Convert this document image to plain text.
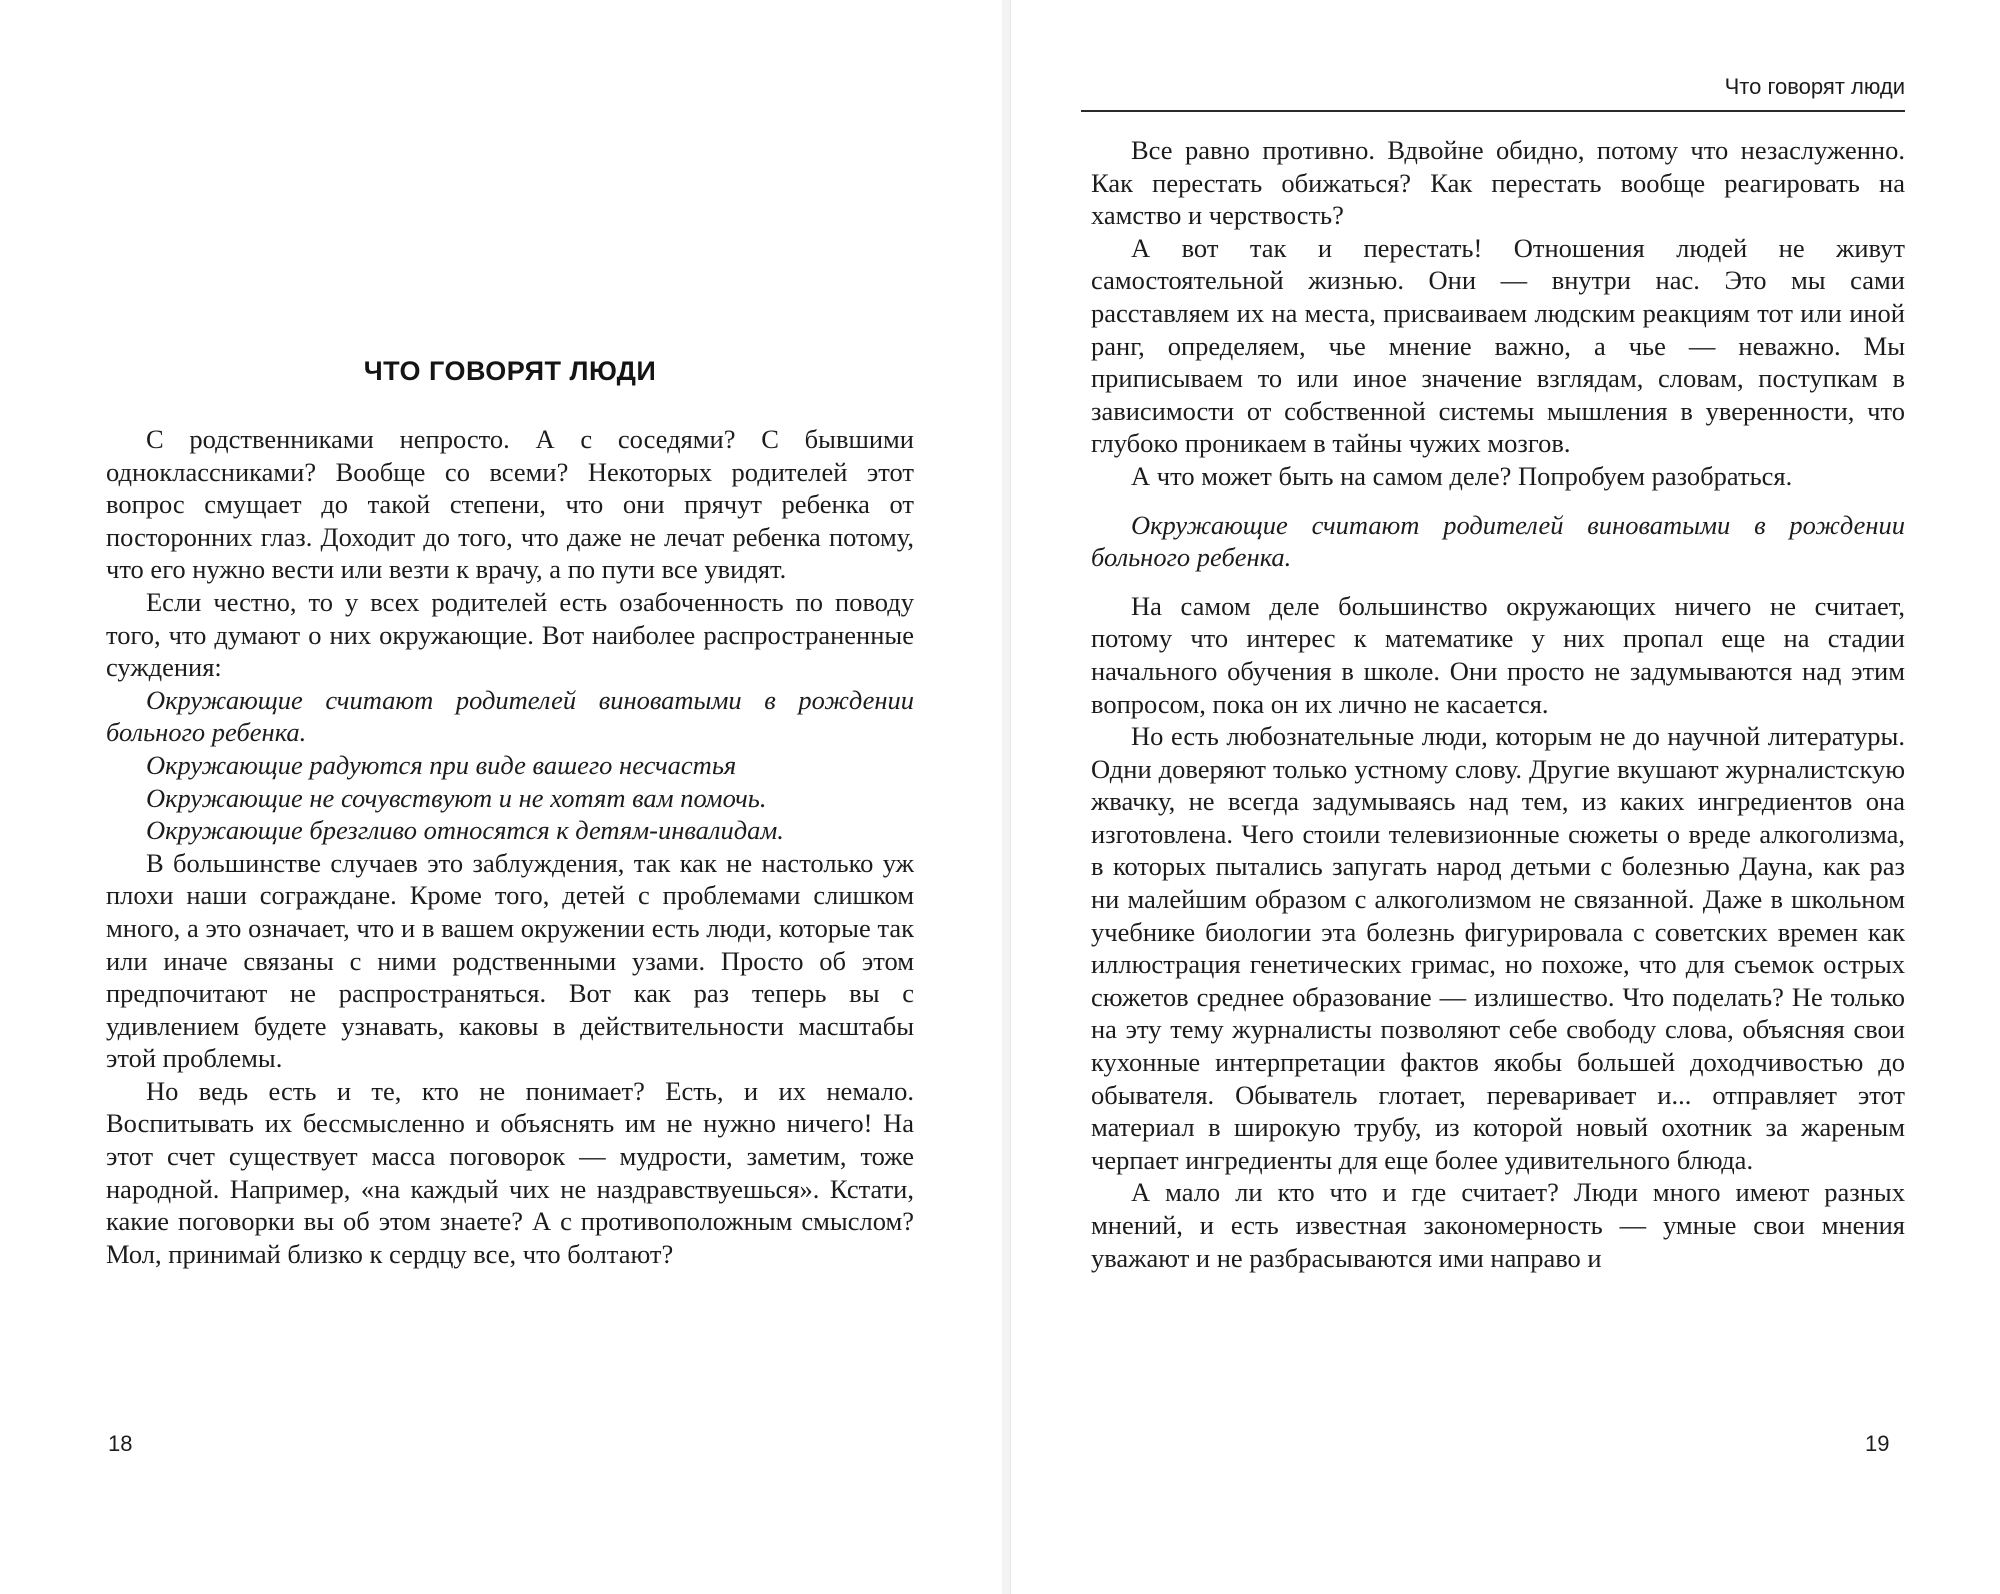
ЧТО ГОВОРЯТ ЛЮДИ

С родственниками непросто. А с соседями? С бывшими одноклассниками? Вообще со всеми? Некоторых родителей этот вопрос смущает до такой степени, что они прячут ребенка от посторонних глаз. Доходит до того, что даже не лечат ребенка потому, что его нужно вести или везти к врачу, а по пути все увидят.

Если честно, то у всех родителей есть озабоченность по поводу того, что думают о них окружающие. Вот наиболее распространенные суждения:

Окружающие считают родителей виноватыми в рождении больного ребенка.

Окружающие радуются при виде вашего несчастья

Окружающие не сочувствуют и не хотят вам помочь.

Окружающие брезгливо относятся к детям-инвалидам.

В большинстве случаев это заблуждения, так как не настолько уж плохи наши сограждане. Кроме того, детей с проблемами слишком много, а это означает, что и в вашем окружении есть люди, которые так или иначе связаны с ними родственными узами. Просто об этом предпочитают не распространяться. Вот как раз теперь вы с удивлением будете узнавать, каковы в действительности масштабы этой проблемы.

Но ведь есть и те, кто не понимает? Есть, и их немало. Воспитывать их бессмысленно и объяснять им не нужно ничего! На этот счет существует масса поговорок — мудрости, заметим, тоже народной. Например, «на каждый чих не наздравствуешься». Кстати, какие поговорки вы об этом знаете? А с противоположным смыслом? Мол, принимай близко к сердцу все, что болтают?

18
Что говорят люди

Все равно противно. Вдвойне обидно, потому что незаслуженно. Как перестать обижаться? Как перестать вообще реагировать на хамство и черствость?

А вот так и перестать! Отношения людей не живут самостоятельной жизнью. Они — внутри нас. Это мы сами расставляем их на места, присваиваем людским реакциям тот или иной ранг, определяем, чье мнение важно, а чье — неважно. Мы приписываем то или иное значение взглядам, словам, поступкам в зависимости от собственной системы мышления в уверенности, что глубоко проникаем в тайны чужих мозгов.

А что может быть на самом деле? Попробуем разобраться.

Окружающие считают родителей виноватыми в рождении больного ребенка.

На самом деле большинство окружающих ничего не считает, потому что интерес к математике у них пропал еще на стадии начального обучения в школе. Они просто не задумываются над этим вопросом, пока он их лично не касается.

Но есть любознательные люди, которым не до научной литературы. Одни доверяют только устному слову. Другие вкушают журналистскую жвачку, не всегда задумываясь над тем, из каких ингредиентов она изготовлена. Чего стоили телевизионные сюжеты о вреде алкоголизма, в которых пытались запугать народ детьми с болезнью Дауна, как раз ни малейшим образом с алкоголизмом не связанной. Даже в школьном учебнике биологии эта болезнь фигурировала с советских времен как иллюстрация генетических гримас, но похоже, что для съемок острых сюжетов среднее образование — излишество. Что поделать? Не только на эту тему журналисты позволяют себе свободу слова, объясняя свои кухонные интерпретации фактов якобы большей доходчивостью до обывателя. Обыватель глотает, переваривает и... отправляет этот материал в широкую трубу, из которой новый охотник за жареным черпает ингредиенты для еще более удивительного блюда.

А мало ли кто что и где считает? Люди много имеют разных мнений, и есть известная закономерность — умные свои мнения уважают и не разбрасываются ими направо и

19
